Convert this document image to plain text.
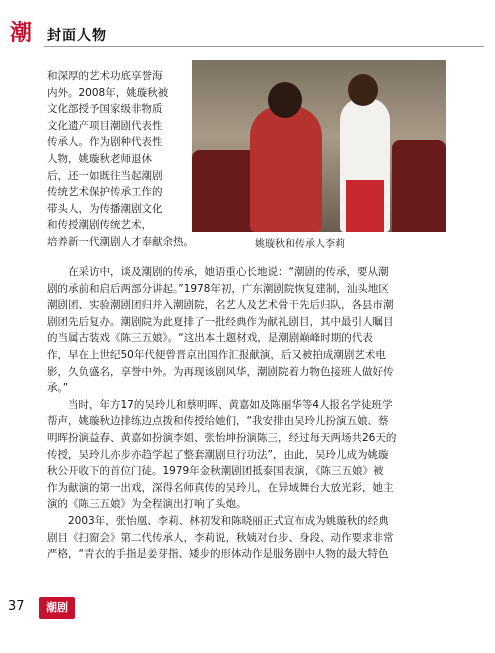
潮 封面人物
姚璇秋和传承人李莉

和深厚的艺术功底享誉海

内外。2008年，姚璇秋被

文化部授予国家级非物质

文化遗产项目潮剧代表性

传承人。作为剧种代表性

人物，姚璇秋老师退休

后，还一如既往当起潮剧

传统艺术保护传承工作的

带头人，为传播潮剧文化

和传授潮剧传统艺术，

培养新一代潮剧人才奉献余热。

　　在采访中，谈及潮剧的传承，她语重心长地说：“潮剧的传承，要从潮

剧的承前和启后两部分讲起。”1978年初，广东潮剧院恢复建制，汕头地区

潮剧团、实验潮剧团归并入潮剧院，名艺人及艺术骨干先后归队，各县市潮

剧团先后复办。潮剧院为此夏排了一批经典作为献礼剧目，其中最引人瞩目

的当属古装戏《陈三五娘》。“这出本土题材戏，是潮剧巅峰时期的代表

作，早在上世纪50年代便曾晋京出国作汇报献演，后又被拍成潮剧艺术电

影，久负盛名，享誉中外。为再现该剧风华，潮剧院着力物色接班人做好传

承。”

　　当时，年方17的吴玲儿和蔡明晖、黄嘉如及陈丽华等4人报名学徒班学

帮声，姚璇秋边排练边点拨和传授给她们，“我安排由吴玲儿扮演五娘、蔡

明晖扮演益春、黄嘉如扮演李姐、张怡坤扮演陈三，经过每天两场共26天的

传授，吴玲儿亦步亦趋学起了整套潮剧旦行功法”，由此，吴玲儿成为姚璇

秋公开收下的首位门徒。1979年金秋潮剧团抵泰国表演，《陈三五娘》被

作为献演的第一出戏，深得名师真传的吴玲儿，在异域舞台大放光彩，她主

演的《陈三五娘》为全程演出打响了头炮。

　　2003年，张怡凰、李莉、林初发和陈晓丽正式宣布成为姚璇秋的经典

剧目《扫窗会》第二代传承人，李莉说，秋姨对台步、身段、动作要求非常

严格，“青衣的手指是姜芽指、矮步的形体动作是服务剧中人物的最大特色

37	潮剧
